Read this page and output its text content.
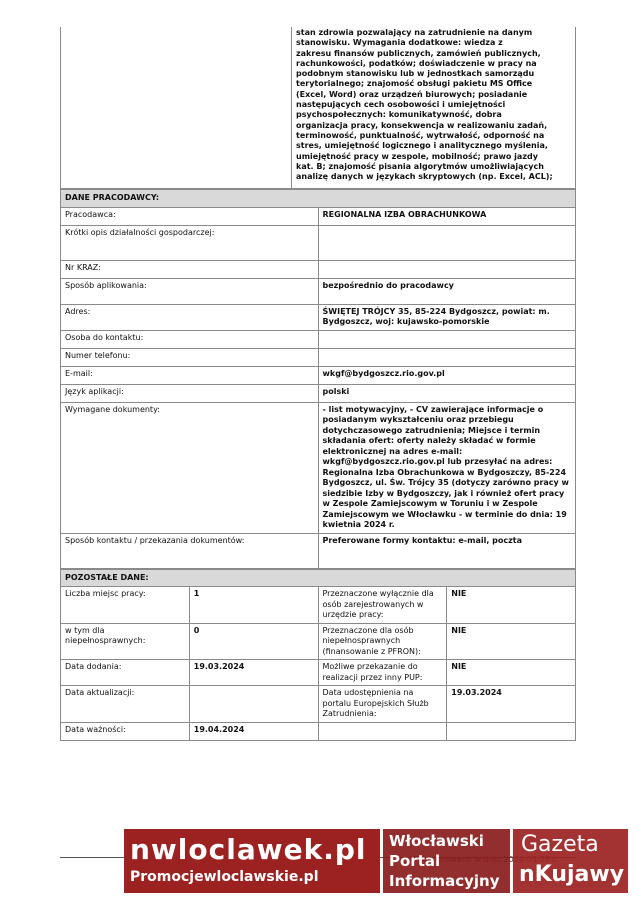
stan zdrowia pozwalający na zatrudnienie na danym
stanowisku. Wymagania dodatkowe: wiedza z
zakresu finansów publicznych, zamówień publicznych,
rachunkowości, podatków; doświadczenie w pracy na
podobnym stanowisku lub w jednostkach samorządu
terytorialnego; znajomość obsługi pakietu MS Office
(Excel, Word) oraz urządzeń biurowych; posiadanie
następujących cech osobowości i umiejętności
psychospołecznych: komunikatywność, dobra
organizacja pracy, konsekwencja w realizowaniu zadań,
terminowość, punktualność, wytrwałość, odporność na
stres, umiejętność logicznego i analitycznego myślenia,
umiejętność pracy w zespole, mobilność; prawo jazdy
kat. B; znajomość pisania algorytmów umożliwiających
analizę danych w językach skryptowych (np. Excel, ACL);
DANE PRACODAWCY:	
Pracodawca:	REGIONALNA IZBA OBRACHUNKOWA
Krótki opis działalności gospodarczej:	
Nr KRAZ:	
Sposób aplikowania:	bezpośrednio do pracodawcy
Adres:	ŚWIĘTEJ TRÓJCY 35, 85-224 Bydgoszcz, powiat: m. Bydgoszcz, woj: kujawsko-pomorskie
Osoba do kontaktu:	
Numer telefonu:	
E-mail:	wkgf@bydgoszcz.rio.gov.pl
Język aplikacji:	polski
Wymagane dokumenty:	- list motywacyjny, - CV zawierające informacje o posiadanym wykształceniu oraz przebiegu dotychczasowego zatrudnienia; Miejsce i termin składania ofert: oferty należy składać w formie elektronicznej na adres e-mail: wkgf@bydgoszcz.rio.gov.pl lub przesyłać na adres: Regionalna Izba Obrachunkowa w Bydgoszczy, 85-224 Bydgoszcz, ul. Św. Trójcy 35 (dotyczy zarówno pracy w siedzibie Izby w Bydgoszczy, jak i również ofert pracy w Zespole Zamiejscowym w Toruniu i w Zespole Zamiejscowym we Włocławku - w terminie do dnia: 19 kwietnia 2024 r.
Sposób kontaktu / przekazania dokumentów:	Preferowane formy kontaktu: e-mail, poczta
POZOSTAŁE DANE:			
Liczba miejsc pracy:	1	Przeznaczone wyłącznie dla osób zarejestrowanych w urzędzie pracy:	NIE
w tym dla niepełnosprawnych:	0	Przeznaczone dla osób niepełnosprawnych (finansowanie z PFRON):	NIE
Data dodania:	19.03.2024	Możliwe przekazanie do realizacji przez inny PUP:	NIE
Data aktualizacji:		Data udostępnienia na portalu Europejskich Służb Zatrudnienia:	19.03.2024
Data ważności:	19.04.2024		
nwloclawek.pl
Promocjewloclawskie.pl
Włocławski
Portal
Informacyjny
Gazeta
nKujawy
